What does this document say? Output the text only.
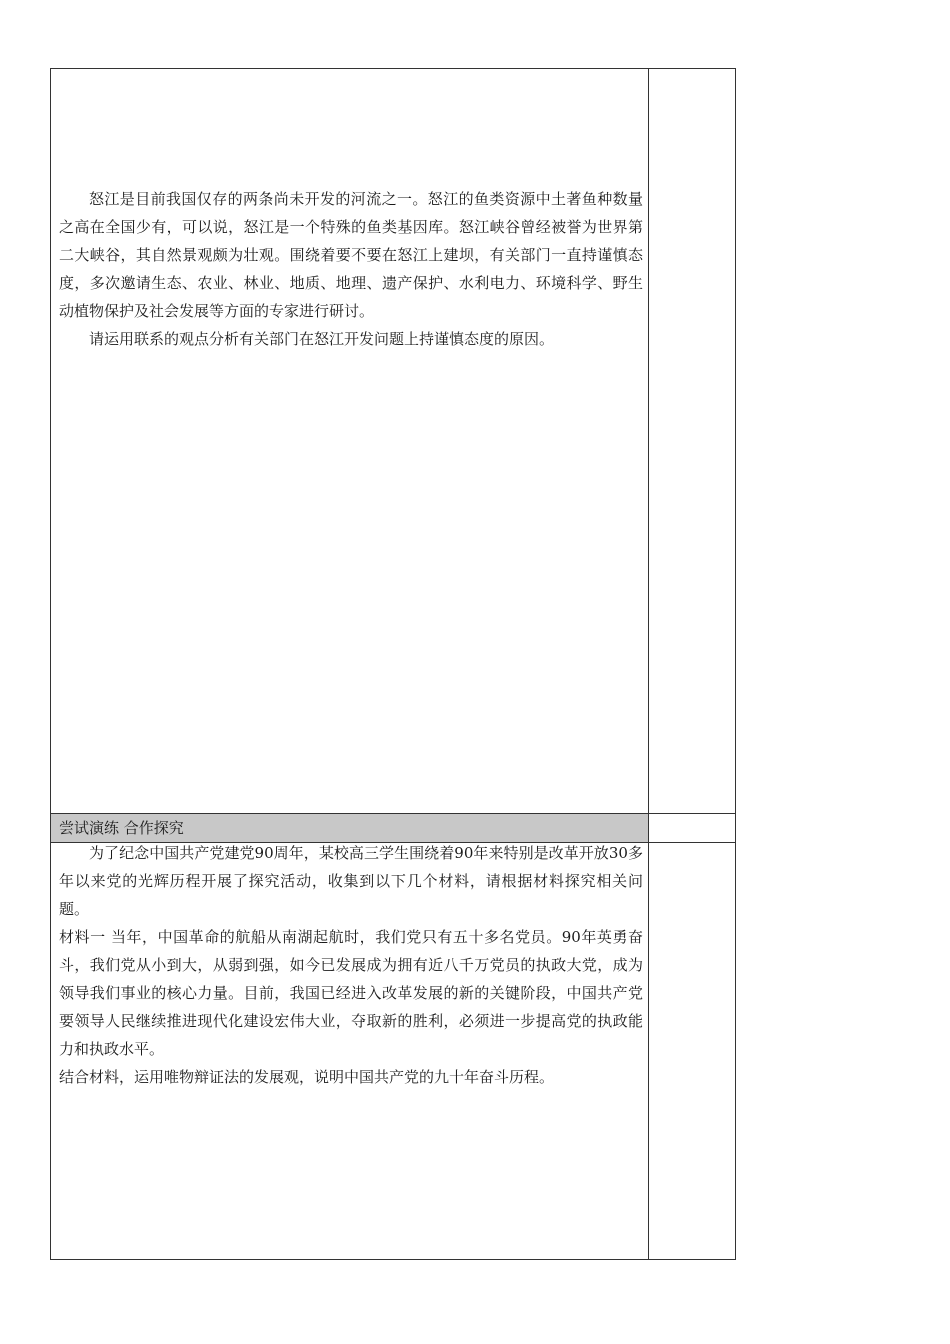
怒江是目前我国仅存的两条尚未开发的河流之一。怒江的鱼类资源中土著鱼种数量之高在全国少有，可以说，怒江是一个特殊的鱼类基因库。怒江峡谷曾经被誉为世界第二大峡谷，其自然景观颇为壮观。围绕着要不要在怒江上建坝，有关部门一直持谨慎态度，多次邀请生态、农业、林业、地质、地理、遗产保护、水利电力、环境科学、野生动植物保护及社会发展等方面的专家进行研讨。

请运用联系的观点分析有关部门在怒江开发问题上持谨慎态度的原因。

尝试演练 合作探究

为了纪念中国共产党建党90周年，某校高三学生围绕着90年来特别是改革开放30多年以来党的光辉历程开展了探究活动，收集到以下几个材料，请根据材料探究相关问题。

材料一 当年，中国革命的航船从南湖起航时，我们党只有五十多名党员。90年英勇奋斗，我们党从小到大，从弱到强，如今已发展成为拥有近八千万党员的执政大党，成为领导我们事业的核心力量。目前，我国已经进入改革发展的新的关键阶段，中国共产党要领导人民继续推进现代化建设宏伟大业，夺取新的胜利，必须进一步提高党的执政能力和执政水平。

结合材料，运用唯物辩证法的发展观，说明中国共产党的九十年奋斗历程。
